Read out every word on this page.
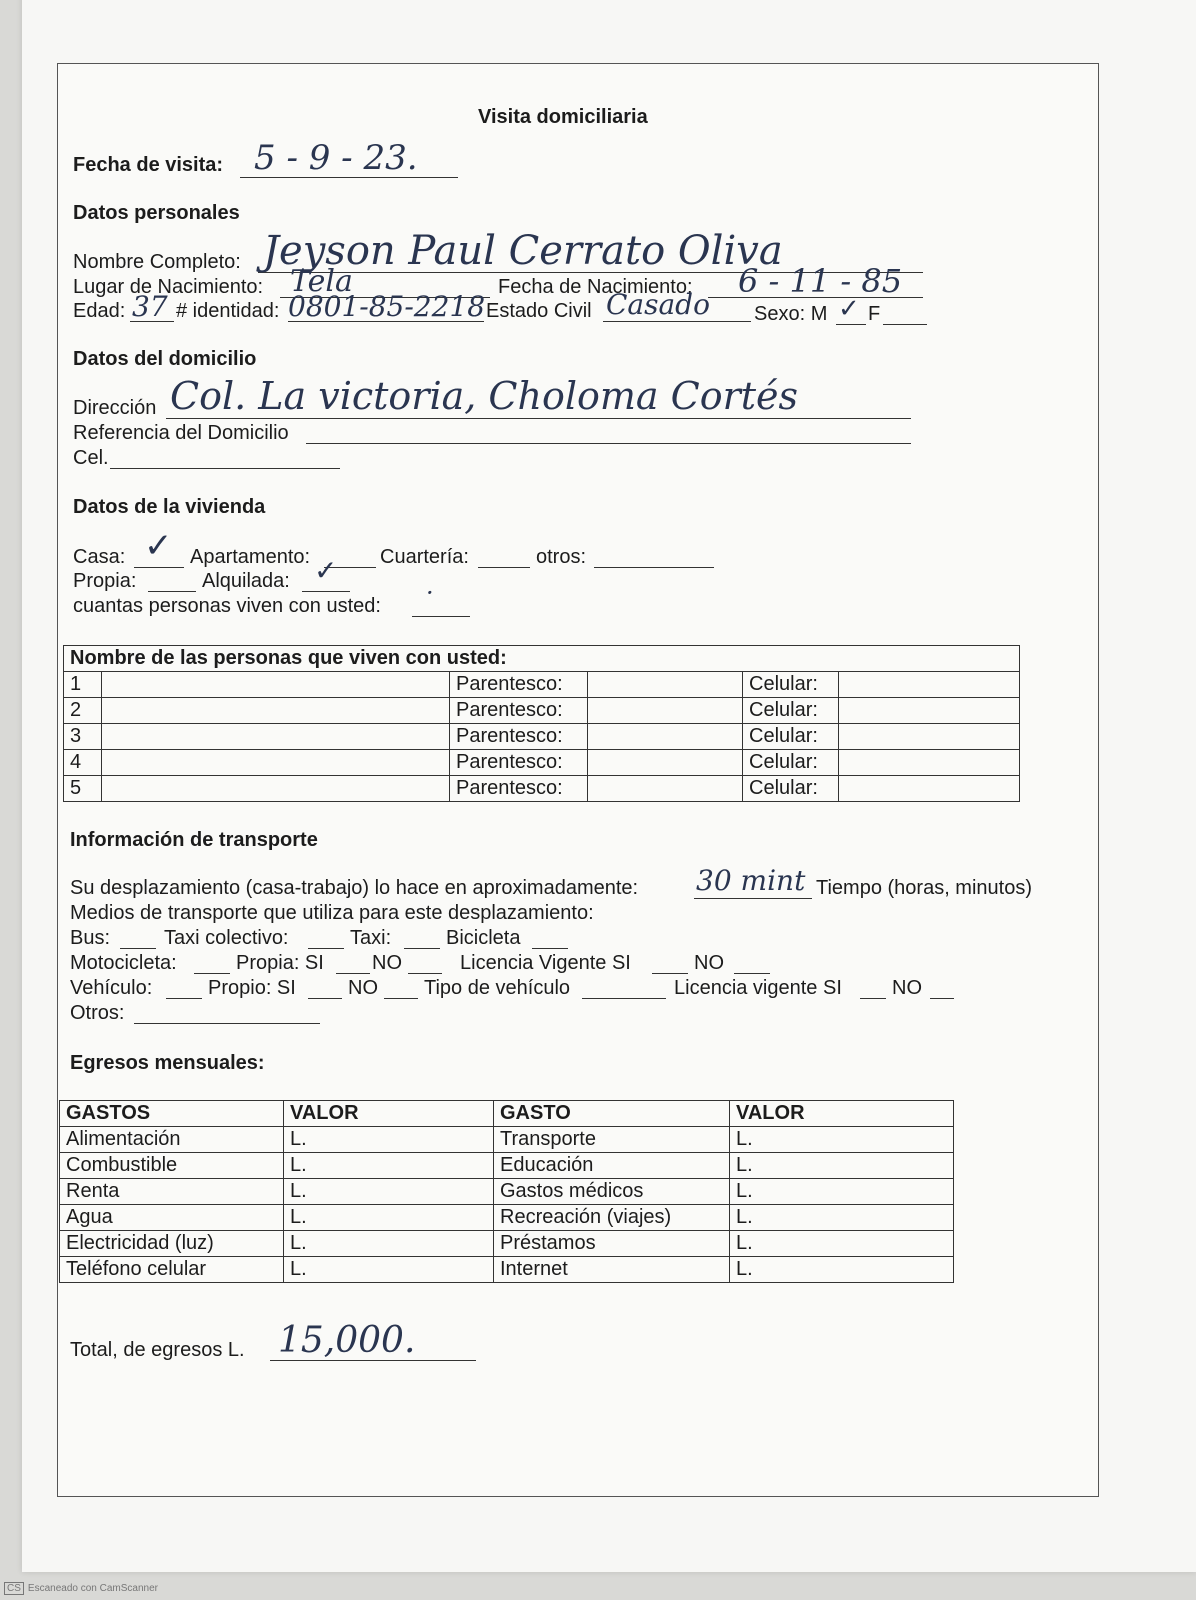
Visita domiciliaria
Fecha de visita: 5 - 9 - 23.
Datos personales
Nombre Completo: Jeyson Paul Cerrato Oliva
Lugar de Nacimiento: Tela	Fecha de Nacimiento: 6 - 11 - 85
Edad: 37 # identidad: 0801-85-2218 Estado Civil Casado Sexo: M ✓ F
Datos del domicilio
Dirección Col. La victoria, Choloma Cortés
Referencia del Domicilio
Cel.
Datos de la vivienda
Casa: ✓ Apartamento:	Cuartería:	otros:
Propia:	Alquilada: ✓
cuantas personas viven con usted: ·
Nombre de las personas que viven con usted:					
1		Parentesco:		Celular:	
2		Parentesco:		Celular:	
3		Parentesco:		Celular:	
4		Parentesco:		Celular:	
5		Parentesco:		Celular:	
Información de transporte
Su desplazamiento (casa-trabajo) lo hace en aproximadamente: 30 mint Tiempo (horas, minutos)
Medios de transporte que utiliza para este desplazamiento:
Bus:	Taxi colectivo:	Taxi:	Bicicleta
Motocicleta:	Propia: SI NO	Licencia Vigente SI	NO
Vehículo:	Propio: SI	NO Tipo de vehículo	Licencia vigente SI	NO
Otros:
Egresos mensuales:
GASTOS	VALOR	GASTO	VALOR
Alimentación	L.	Transporte	L.
Combustible	L.	Educación	L.
Renta	L.	Gastos médicos	L.
Agua	L.	Recreación (viajes)	L.
Electricidad (luz)	L.	Préstamos	L.
Teléfono celular	L.	Internet	L.
Total, de egresos L. 15,000.
CS Escaneado con CamScanner
